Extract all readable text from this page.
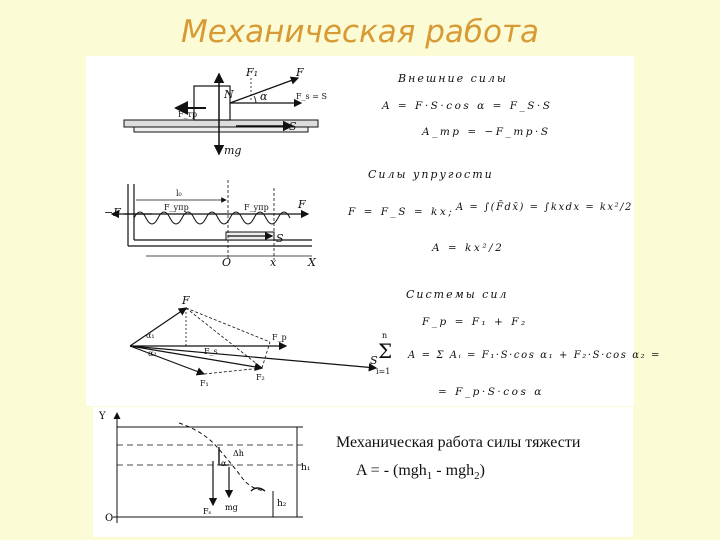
Механическая работа
N
F
F₁
α	F_s = S
F_тр
S
mg
F
−F
l₀
F_упр	F_упр
S
O	x	X
F
α₁
α₂
F₁
F₂
F_p
F_s
S Σ
n
i=1
Внешние силы
A = F·S·cos α = F_S·S
A_тр = −F_тр·S
Силы упругости
F = F_S = kx; A = ∫(F̄dx̄) = ∫kxdx = kx²/2
A = kx²/2
Системы сил
F_p = F₁ + F₂
A = Σ Aᵢ = F₁·S·cos α₁ + F₂·S·cos α₂ =
= F_p·S·cos α
Y
O
Δh
α
Fₛ mg
h₁
h₂
Механическая работа силы тяжести
A = - (mgh$_1$ - mgh$_2$)
